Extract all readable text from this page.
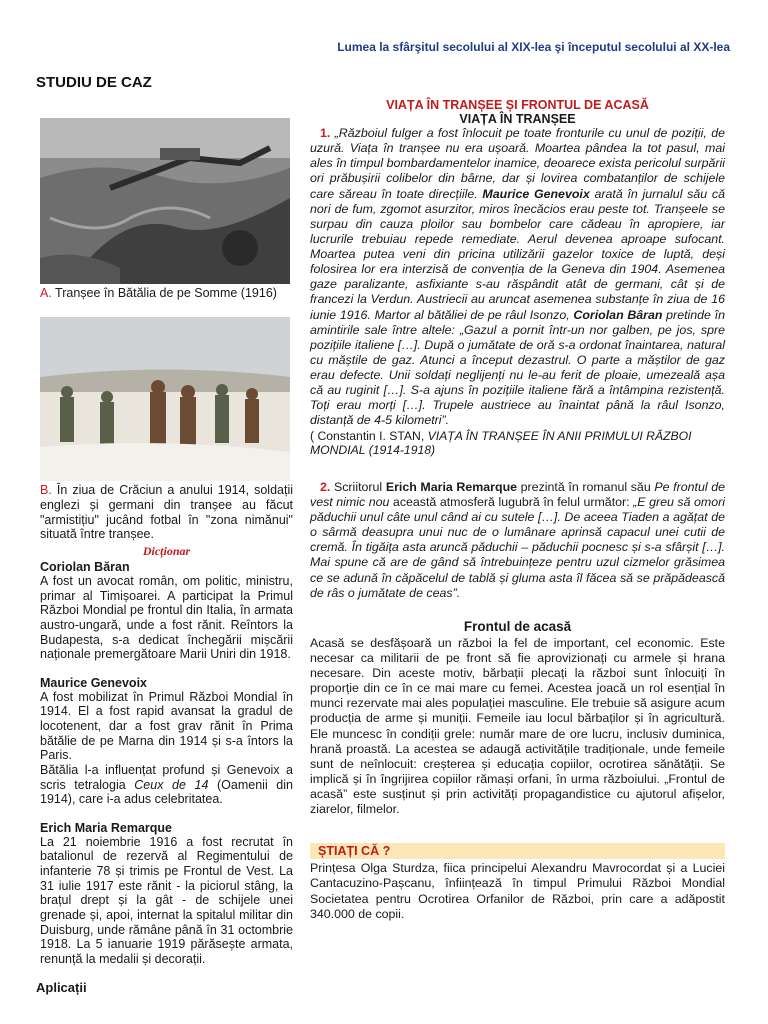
Lumea la sfârşitul secolului al XIX-lea şi începutul secolului al XX-lea
STUDIU DE CAZ
A. Tranșee în Bătălia de pe Somme (1916)
B. În ziua de Crăciun a anului 1914, soldații englezi și germani din tranșee au făcut "armistițiu" jucând fotbal în "zona nimănui" situată între tranșee.
Dicționar
Coriolan Băran
A fost un avocat român, om politic, ministru, primar al Timișoarei. A participat la Primul Război Mondial pe frontul din Italia, în armata austro-ungară, unde a fost rănit. Reîntors la Budapesta, s-a dedicat închegării mișcării naționale premergătoare Marii Uniri din 1918.
Maurice Genevoix
A fost mobilizat în Primul Război Mondial în 1914. El a fost rapid avansat la gradul de locotenent, dar a fost grav rănit în Prima bătălie de pe Marna din 1914 și s-a întors la Paris.
Bătălia l-a influențat profund și Genevoix a scris tetralogia Ceux de 14 (Oamenii din 1914), care i-a adus celebritatea.
Erich Maria Remarque
La 21 noiembrie 1916 a fost recrutat în batalionul de rezervă al Regimentului de infanterie 78 și trimis pe Frontul de Vest. La 31 iulie 1917 este rănit - la piciorul stâng, la brațul drept și la gât - de schijele unei grenade și, apoi, internat la spitalul militar din Duisburg, unde rămâne până în 31 octombrie 1918. La 5 ianuarie 1919 părăsește armata, renunță la medalii și decorații.
Aplicații
VIAȚA ÎN TRANȘEE ȘI FRONTUL DE ACASĂ
VIAȚA ÎN TRANȘEE
1. „Războiul fulger a fost înlocuit pe toate fronturile cu unul de poziții, de uzură. Viața în tranșee nu era ușoară. Moartea pândea la tot pasul, mai ales în timpul bombardamentelor inamice, deoarece exista pericolul surpării ori prăbușirii colibelor din bârne, dar și lovirea combatanților de schijele care săreau în toate direcțiile. Maurice Genevoix arată în jurnalul său că nori de fum, zgomot asurzitor, miros înecăcios erau peste tot. Tranșeele se surpau din cauza ploilor sau bombelor care cădeau în apropiere, iar lucrurile trebuiau repede remediate. Aerul devenea aproape sufocant. Moartea putea veni din pricina utilizării gazelor toxice de luptă, deși folosirea lor era interzisă de convenția de la Geneva din 1904. Asemenea gaze paralizante, asfixiante s-au răspândit atât de germani, cât și de francezi la Verdun. Austriecii au aruncat asemenea substanțe în ziua de 16 iunie 1916. Martor al bătăliei de pe râul Isonzo, Coriolan Bâran pretinde în amintirile sale între altele: „Gazul a pornit într-un nor galben, pe jos, spre pozițiile italiene […]. După o jumătate de oră s-a ordonat înaintarea, natural cu măștile de gaz. Atunci a început dezastrul. O parte a măștilor de gaz erau defecte. Unii soldați neglijenți nu le-au ferit de ploaie, umezeală așa că au ruginit […]. S-a ajuns în pozițiile italiene fără a întâmpina rezistență. Toți erau morți […]. Trupele austriece au înaintat până la râul Isonzo, distanță de 4-5 kilometri”.
( Constantin I. STAN, VIAȚA ÎN TRANȘEE ÎN ANII PRIMULUI RĂZBOI MONDIAL (1914-1918)
2. Scriitorul Erich Maria Remarque prezintă în romanul său Pe frontul de vest nimic nou această atmosferă lugubră în felul următor: „E greu să omori păduchii unul câte unul când ai cu sutele […]. De aceea Tiaden a agățat de o sârmă deasupra unui nuc de o lumânare aprinsă capacul unei cutii de cremă. În tigăița asta aruncă păduchii – păduchii pocnesc și s-a sfârșit […]. Mai spune că are de gând să întrebuințeze pentru uzul cizmelor grăsimea ce se adună în căpăcelul de tablă și gluma asta îl făcea să se prăpădească de râs o jumătate de ceas”.
Frontul de acasă
Acasă se desfășoară un război la fel de important, cel economic. Este necesar ca militarii de pe front să fie aprovizionați cu armele și hrana necesare. Din aceste motiv, bărbații plecați la război sunt înlocuiți în proporție din ce în ce mai mare cu femei. Acestea joacă un rol esențial în munci rezervate mai ales populației masculine. Ele trebuie să asigure acum producția de arme și muniții. Femeile iau locul bărbaților și în agricultură. Ele muncesc în condiții grele: număr mare de ore lucru, inclusiv duminica, hrană proastă. La acestea se adaugă activitățile tradiționale, unde femeile sunt de neînlocuit: creșterea și educația copiilor, ocrotirea sănătății. Se implică și în îngrijirea copiilor rămași orfani, în urma războiului. „Frontul de acasă” este susținut și prin activități propagandistice cu ajutorul afișelor, ziarelor, filmelor.
ȘTIAȚI CĂ ?
Prințesa Olga Sturdza, fiica principelui Alexandru Mavrocordat și a Luciei Cantacuzino-Pașcanu, înființează în timpul Primului Război Mondial Societatea pentru Ocrotirea Orfanilor de Război, prin care a adăpostit 340.000 de copii.
